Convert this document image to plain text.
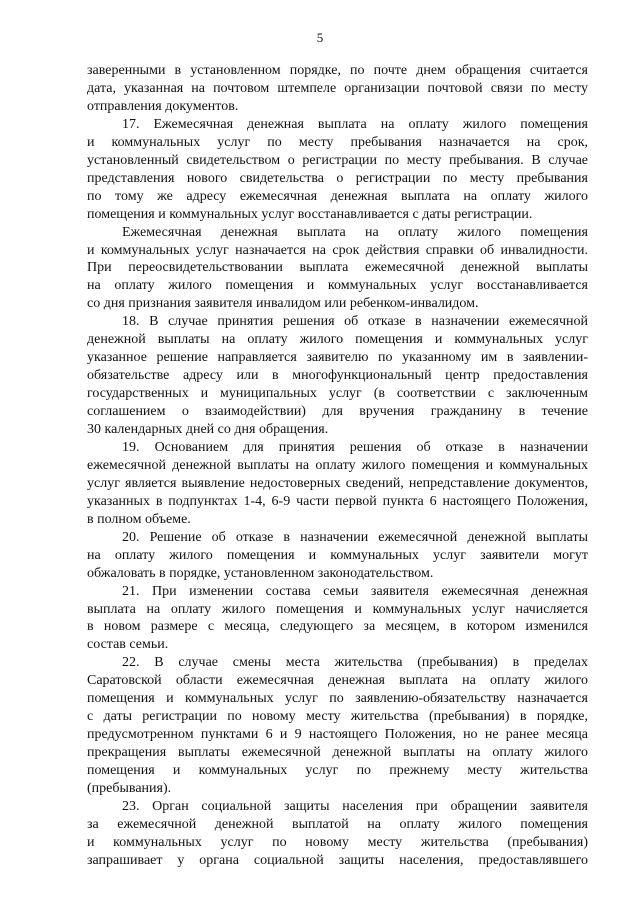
5
заверенными в установленном порядке, по почте днем обращения считается
дата, указанная на почтовом штемпеле организации почтовой связи по месту
отправления документов.
17. Ежемесячная денежная выплата на оплату жилого помещения
и коммунальных услуг по месту пребывания назначается на срок,
установленный свидетельством о регистрации по месту пребывания. В случае
представления нового свидетельства о регистрации по месту пребывания
по тому же адресу ежемесячная денежная выплата на оплату жилого
помещения и коммунальных услуг восстанавливается с даты регистрации.
Ежемесячная денежная выплата на оплату жилого помещения
и коммунальных услуг назначается на срок действия справки об инвалидности.
При переосвидетельствовании выплата ежемесячной денежной выплаты
на оплату жилого помещения и коммунальных услуг восстанавливается
со дня признания заявителя инвалидом или ребенком-инвалидом.
18. В случае принятия решения об отказе в назначении ежемесячной
денежной выплаты на оплату жилого помещения и коммунальных услуг
указанное решение направляется заявителю по указанному им в заявлении-
обязательстве адресу или в многофункциональный центр предоставления
государственных и муниципальных услуг (в соответствии с заключенным
соглашением о взаимодействии) для вручения гражданину в течение
30 календарных дней со дня обращения.
19. Основанием для принятия решения об отказе в назначении
ежемесячной денежной выплаты на оплату жилого помещения и коммунальных
услуг является выявление недостоверных сведений, непредставление документов,
указанных в подпунктах 1-4, 6-9 части первой пункта 6 настоящего Положения,
в полном объеме.
20. Решение об отказе в назначении ежемесячной денежной выплаты
на оплату жилого помещения и коммунальных услуг заявители могут
обжаловать в порядке, установленном законодательством.
21. При изменении состава семьи заявителя ежемесячная денежная
выплата на оплату жилого помещения и коммунальных услуг начисляется
в новом размере с месяца, следующего за месяцем, в котором изменился
состав семьи.
22. В случае смены места жительства (пребывания) в пределах
Саратовской области ежемесячная денежная выплата на оплату жилого
помещения и коммунальных услуг по заявлению-обязательству назначается
с даты регистрации по новому месту жительства (пребывания) в порядке,
предусмотренном пунктами 6 и 9 настоящего Положения, но не ранее месяца
прекращения выплаты ежемесячной денежной выплаты на оплату жилого
помещения и коммунальных услуг по прежнему месту жительства
(пребывания).
23. Орган социальной защиты населения при обращении заявителя
за ежемесячной денежной выплатой на оплату жилого помещения
и коммунальных услуг по новому месту жительства (пребывания)
запрашивает у органа социальной защиты населения, предоставлявшего
